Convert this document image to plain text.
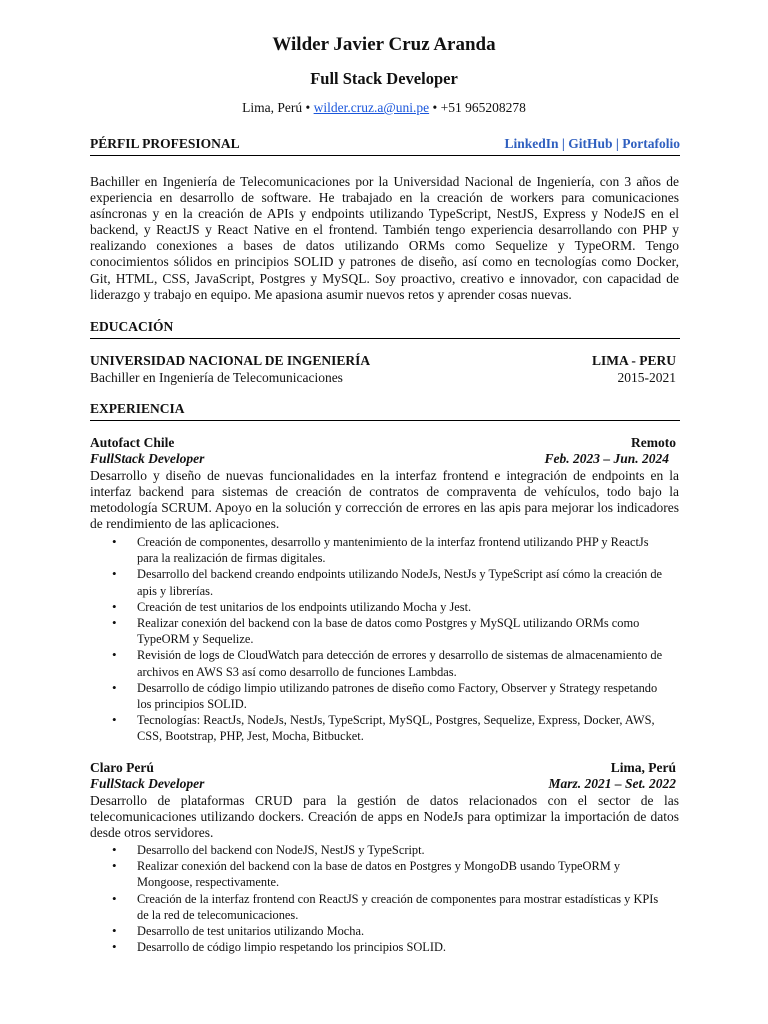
Wilder Javier Cruz Aranda
Full Stack Developer
Lima, Perú • wilder.cruz.a@uni.pe • +51 965208278
PÉRFIL PROFESIONAL	LinkedIn | GitHub | Portafolio
Bachiller en Ingeniería de Telecomunicaciones por la Universidad Nacional de Ingeniería, con 3 años de experiencia en desarrollo de software. He trabajado en la creación de workers para comunicaciones asíncronas y en la creación de APIs y endpoints utilizando TypeScript, NestJS, Express y NodeJS en el backend, y ReactJS y React Native en el frontend. También tengo experiencia desarrollando con PHP y realizando conexiones a bases de datos utilizando ORMs como Sequelize y TypeORM. Tengo conocimientos sólidos en principios SOLID y patrones de diseño, así como en tecnologías como Docker, Git, HTML, CSS, JavaScript, Postgres y MySQL. Soy proactivo, creativo e innovador, con capacidad de liderazgo y trabajo en equipo. Me apasiona asumir nuevos retos y aprender cosas nuevas.
EDUCACIÓN
UNIVERSIDAD NACIONAL DE INGENIERÍA	LIMA - PERU
Bachiller en Ingeniería de Telecomunicaciones	2015-2021
EXPERIENCIA
Autofact Chile	Remoto
FullStack Developer	Feb. 2023 – Jun. 2024
Desarrollo y diseño de nuevas funcionalidades en la interfaz frontend e integración de endpoints en la interfaz backend para sistemas de creación de contratos de compraventa de vehículos, todo bajo la metodología SCRUM. Apoyo en la solución y corrección de errores en las apis para mejorar los indicadores de rendimiento de las aplicaciones.
• Creación de componentes, desarrollo y mantenimiento de la interfaz frontend utilizando PHP y ReactJs para la realización de firmas digitales.
• Desarrollo del backend creando endpoints utilizando NodeJs, NestJs y TypeScript así cómo la creación de apis y librerías.
• Creación de test unitarios de los endpoints utilizando Mocha y Jest.
• Realizar conexión del backend con la base de datos como Postgres y MySQL utilizando ORMs como TypeORM y Sequelize.
• Revisión de logs de CloudWatch para detección de errores y desarrollo de sistemas de almacenamiento de archivos en AWS S3 así como desarrollo de funciones Lambdas.
• Desarrollo de código limpio utilizando patrones de diseño como Factory, Observer y Strategy respetando los principios SOLID.
• Tecnologías: ReactJs, NodeJs, NestJs, TypeScript, MySQL, Postgres, Sequelize, Express, Docker, AWS, CSS, Bootstrap, PHP, Jest, Mocha, Bitbucket.
Claro Perú	Lima, Perú
FullStack Developer	Marz. 2021 – Set. 2022
Desarrollo de plataformas CRUD para la gestión de datos relacionados con el sector de las telecomunicaciones utilizando dockers. Creación de apps en NodeJs para optimizar la importación de datos desde otros servidores.
• Desarrollo del backend con NodeJS, NestJS y TypeScript.
• Realizar conexión del backend con la base de datos en Postgres y MongoDB usando TypeORM y Mongoose, respectivamente.
• Creación de la interfaz frontend con ReactJS y creación de componentes para mostrar estadísticas y KPIs de la red de telecomunicaciones.
• Desarrollo de test unitarios utilizando Mocha.
• Desarrollo de código limpio respetando los principios SOLID.
